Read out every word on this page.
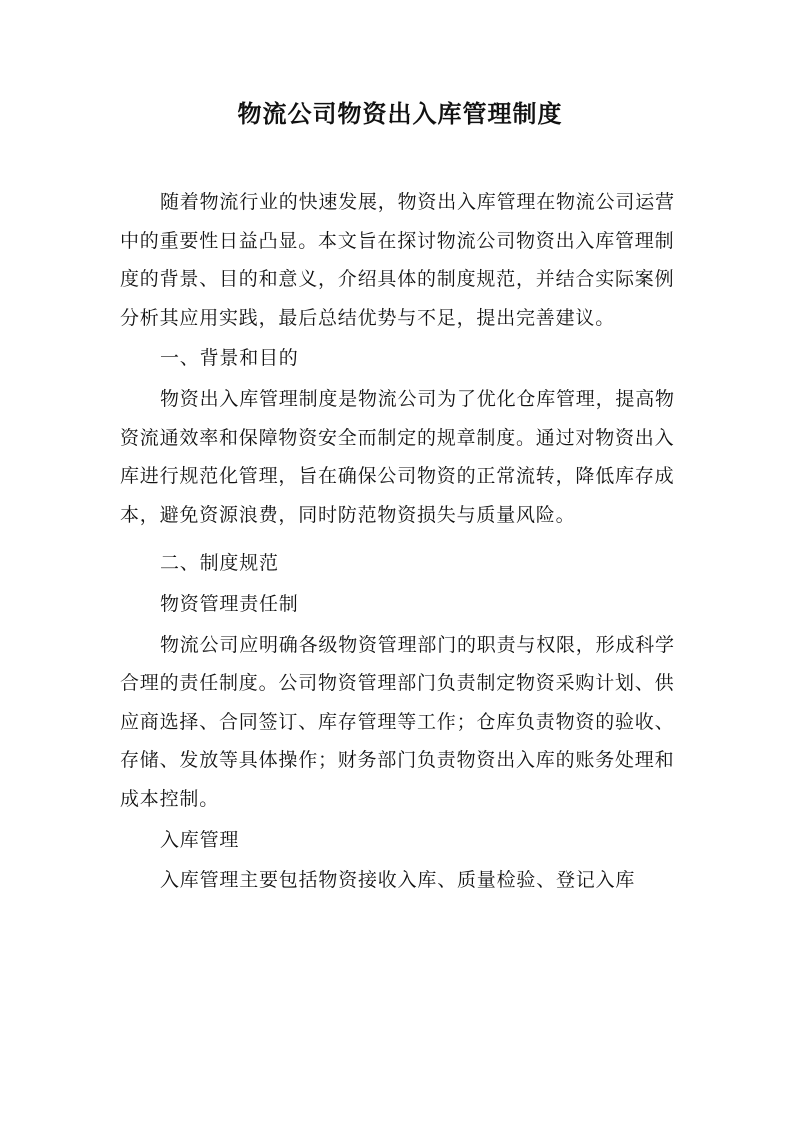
物流公司物资出入库管理制度

随着物流行业的快速发展，物资出入库管理在物流公司运营中的重要性日益凸显。本文旨在探讨物流公司物资出入库管理制度的背景、目的和意义，介绍具体的制度规范，并结合实际案例分析其应用实践，最后总结优势与不足，提出完善建议。

一、背景和目的

物资出入库管理制度是物流公司为了优化仓库管理，提高物资流通效率和保障物资安全而制定的规章制度。通过对物资出入库进行规范化管理，旨在确保公司物资的正常流转，降低库存成本，避免资源浪费，同时防范物资损失与质量风险。

二、制度规范

物资管理责任制

物流公司应明确各级物资管理部门的职责与权限，形成科学合理的责任制度。公司物资管理部门负责制定物资采购计划、供应商选择、合同签订、库存管理等工作；仓库负责物资的验收、存储、发放等具体操作；财务部门负责物资出入库的账务处理和成本控制。

入库管理

入库管理主要包括物资接收入库、质量检验、登记入库
